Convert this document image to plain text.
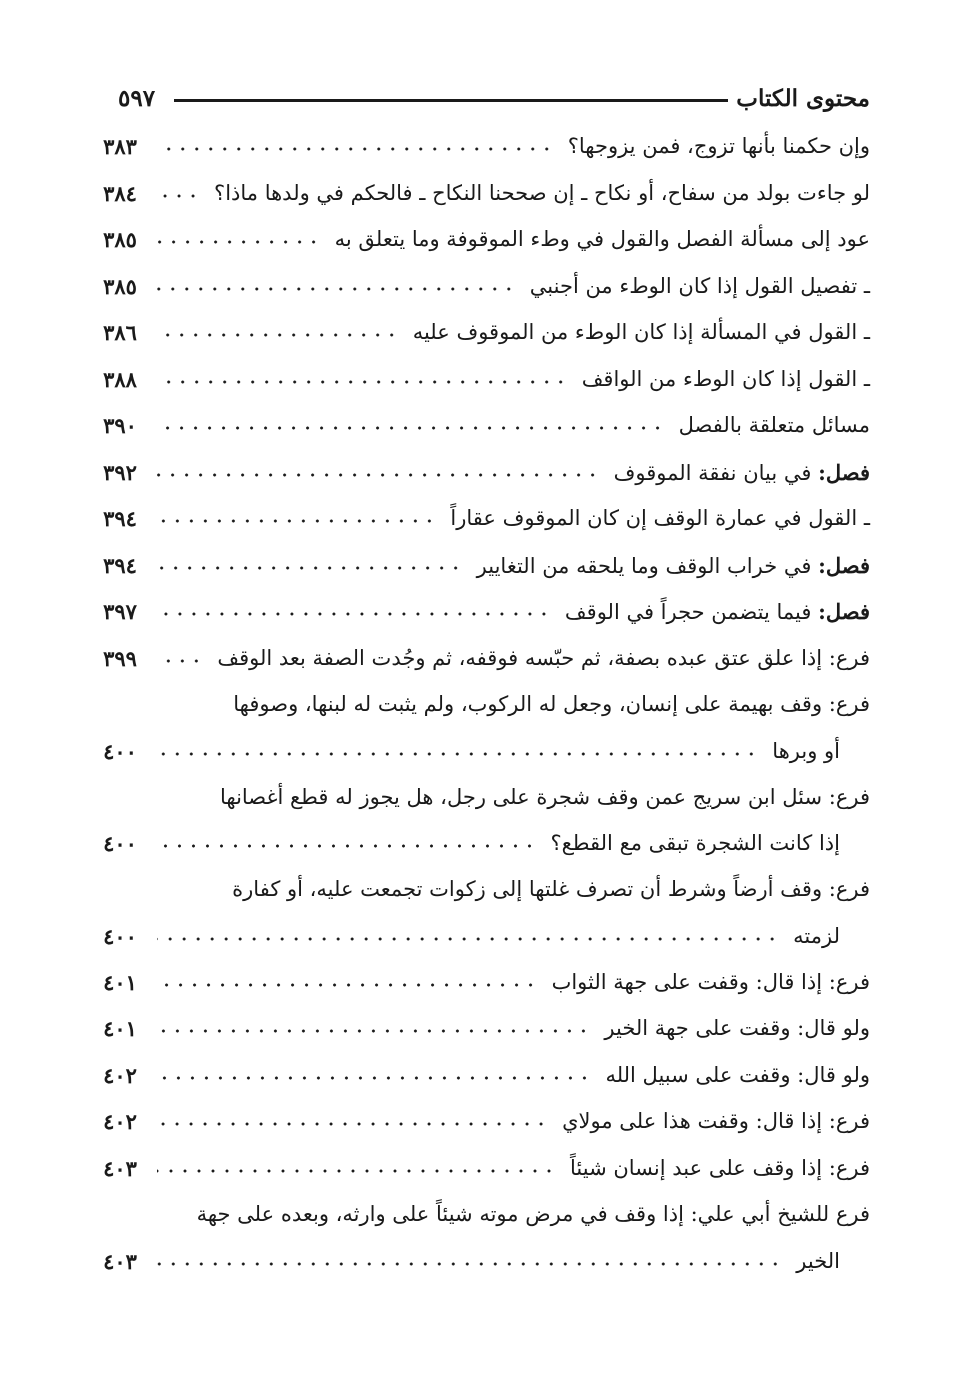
محتوى الكتاب
٥٩٧
وإن حكمنا بأنها تزوج، فمن يزوجها؟
٣٨٣
لو جاءت بولد من سفاح، أو نكاح ـ إن صححنا النكاح ـ فالحكم في ولدها ماذا؟
٣٨٤
عود إلى مسألة الفصل والقول في وطء الموقوفة وما يتعلق به
٣٨٥
ـ تفصيل القول إذا كان الوطء من أجنبي
٣٨٥
ـ القول في المسألة إذا كان الوطء من الموقوف عليه
٣٨٦
ـ القول إذا كان الوطء من الواقف
٣٨٨
مسائل متعلقة بالفصل
٣٩٠
فصل: في بيان نفقة الموقوف
٣٩٢
ـ القول في عمارة الوقف إن كان الموقوف عقاراً
٣٩٤
فصل: في خراب الوقف وما يلحقه من التغايير
٣٩٤
فصل: فيما يتضمن حجراً في الوقف
٣٩٧
فرع: إذا علق عتق عبده بصفة، ثم حبّسه فوقفه، ثم وجُدت الصفة بعد الوقف
٣٩٩
فرع: وقف بهيمة على إنسان، وجعل له الركوب، ولم يثبت له لبنها، وصوفها
أو وبرها
٤٠٠
فرع: سئل ابن سريج عمن وقف شجرة على رجل، هل يجوز له قطع أغصانها
إذا كانت الشجرة تبقى مع القطع؟
٤٠٠
فرع: وقف أرضاً وشرط أن تصرف غلتها إلى زكوات تجمعت عليه، أو كفارة
لزمته
٤٠٠
فرع: إذا قال: وقفت على جهة الثواب
٤٠١
ولو قال: وقفت على جهة الخير
٤٠١
ولو قال: وقفت على سبيل الله
٤٠٢
فرع: إذا قال: وقفت هذا على مولاي
٤٠٢
فرع: إذا وقف على عبد إنسان شيئاً
٤٠٣
فرع للشيخ أبي علي: إذا وقف في مرض موته شيئاً على وارثه، وبعده على جهة
الخير
٤٠٣
